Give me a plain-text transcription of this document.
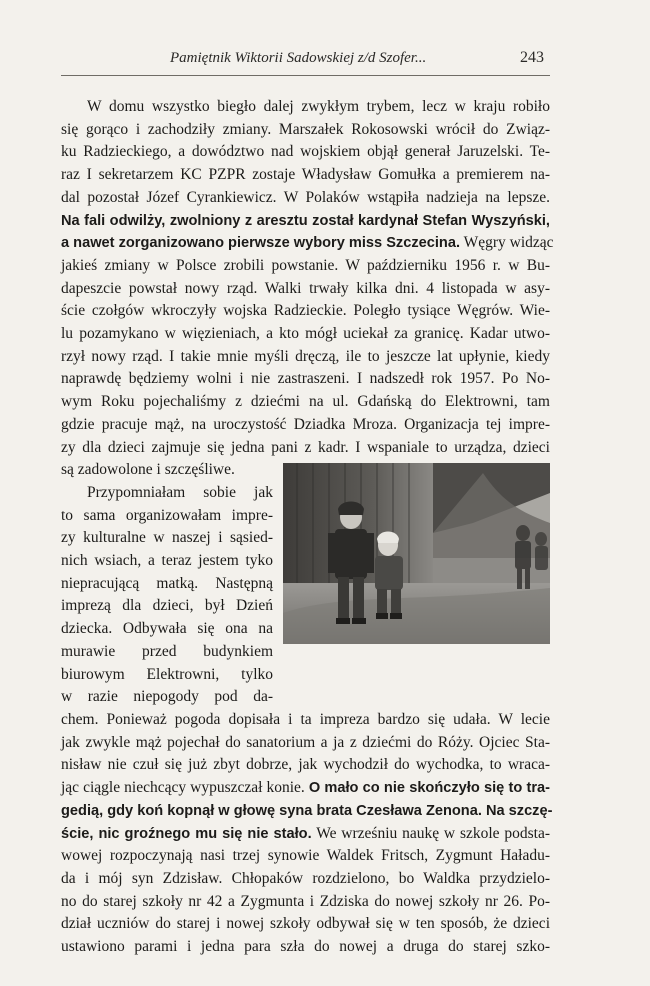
Pamiętnik Wiktorii Sadowskiej z/d Szofer...	243
W domu wszystko biegło dalej zwykłym trybem, lecz w kraju robiło
się gorąco i zachodziły zmiany. Marszałek Rokosowski wrócił do Związ-
ku Radzieckiego, a dowództwo nad wojskiem objął generał Jaruzelski. Te-
raz I sekretarzem KC PZPR zostaje Władysław Gomułka a premierem na-
dal pozostał Józef Cyrankiewicz. W Polaków wstąpiła nadzieja na lepsze.
Na fali odwilży, zwolniony z aresztu został kardynał Stefan Wyszyński,
a nawet zorganizowano pierwsze wybory miss Szczecina. Węgry widząc
jakieś zmiany w Polsce zrobili powstanie. W październiku 1956 r. w Bu-
dapeszcie powstał nowy rząd. Walki trwały kilka dni. 4 listopada w asy-
ście czołgów wkroczyły wojska Radzieckie. Poległo tysiące Węgrów. Wie-
lu pozamykano w więzieniach, a kto mógł uciekał za granicę. Kadar utwo-
rzył nowy rząd. I takie mnie myśli dręczą, ile to jeszcze lat upłynie, kiedy
naprawdę będziemy wolni i nie zastraszeni. I nadszedł rok 1957. Po No-
wym Roku pojechaliśmy z dziećmi na ul. Gdańską do Elektrowni, tam
gdzie pracuje mąż, na uroczystość Dziadka Mroza. Organizacja tej impre-
zy dla dzieci zajmuje się jedna pani z kadr. I wspaniale to urządza, dzieci
są zadowolone i szczęśliwe.
Przypomniałam sobie jak
to sama organizowałam impre-
zy kulturalne w naszej i sąsied-
nich wsiach, a teraz jestem tyko
niepracującą matką. Następną
imprezą dla dzieci, był Dzień
dziecka. Odbywała się ona na
murawie przed budynkiem
biurowym Elektrowni, tylko
w razie niepogody pod da-
chem. Ponieważ pogoda dopisała i ta impreza bardzo się udała. W lecie
jak zwykle mąż pojechał do sanatorium a ja z dziećmi do Róży. Ojciec Sta-
nisław nie czuł się już zbyt dobrze, jak wychodził do wychodka, to wraca-
jąc ciągle niechcący wypuszczał konie. O mało co nie skończyło się to tra-
gedią, gdy koń kopnął w głowę syna brata Czesława Zenona. Na szczę-
ście, nic groźnego mu się nie stało. We wrześniu naukę w szkole podsta-
wowej rozpoczynają nasi trzej synowie Waldek Fritsch, Zygmunt Haładu-
da i mój syn Zdzisław. Chłopaków rozdzielono, bo Waldka przydzielo-
no do starej szkoły nr 42 a Zygmunta i Zdziska do nowej szkoły nr 26. Po-
dział uczniów do starej i nowej szkoły odbywał się w ten sposób, że dzieci
ustawiono parami i jedna para szła do nowej a druga do starej szko-
